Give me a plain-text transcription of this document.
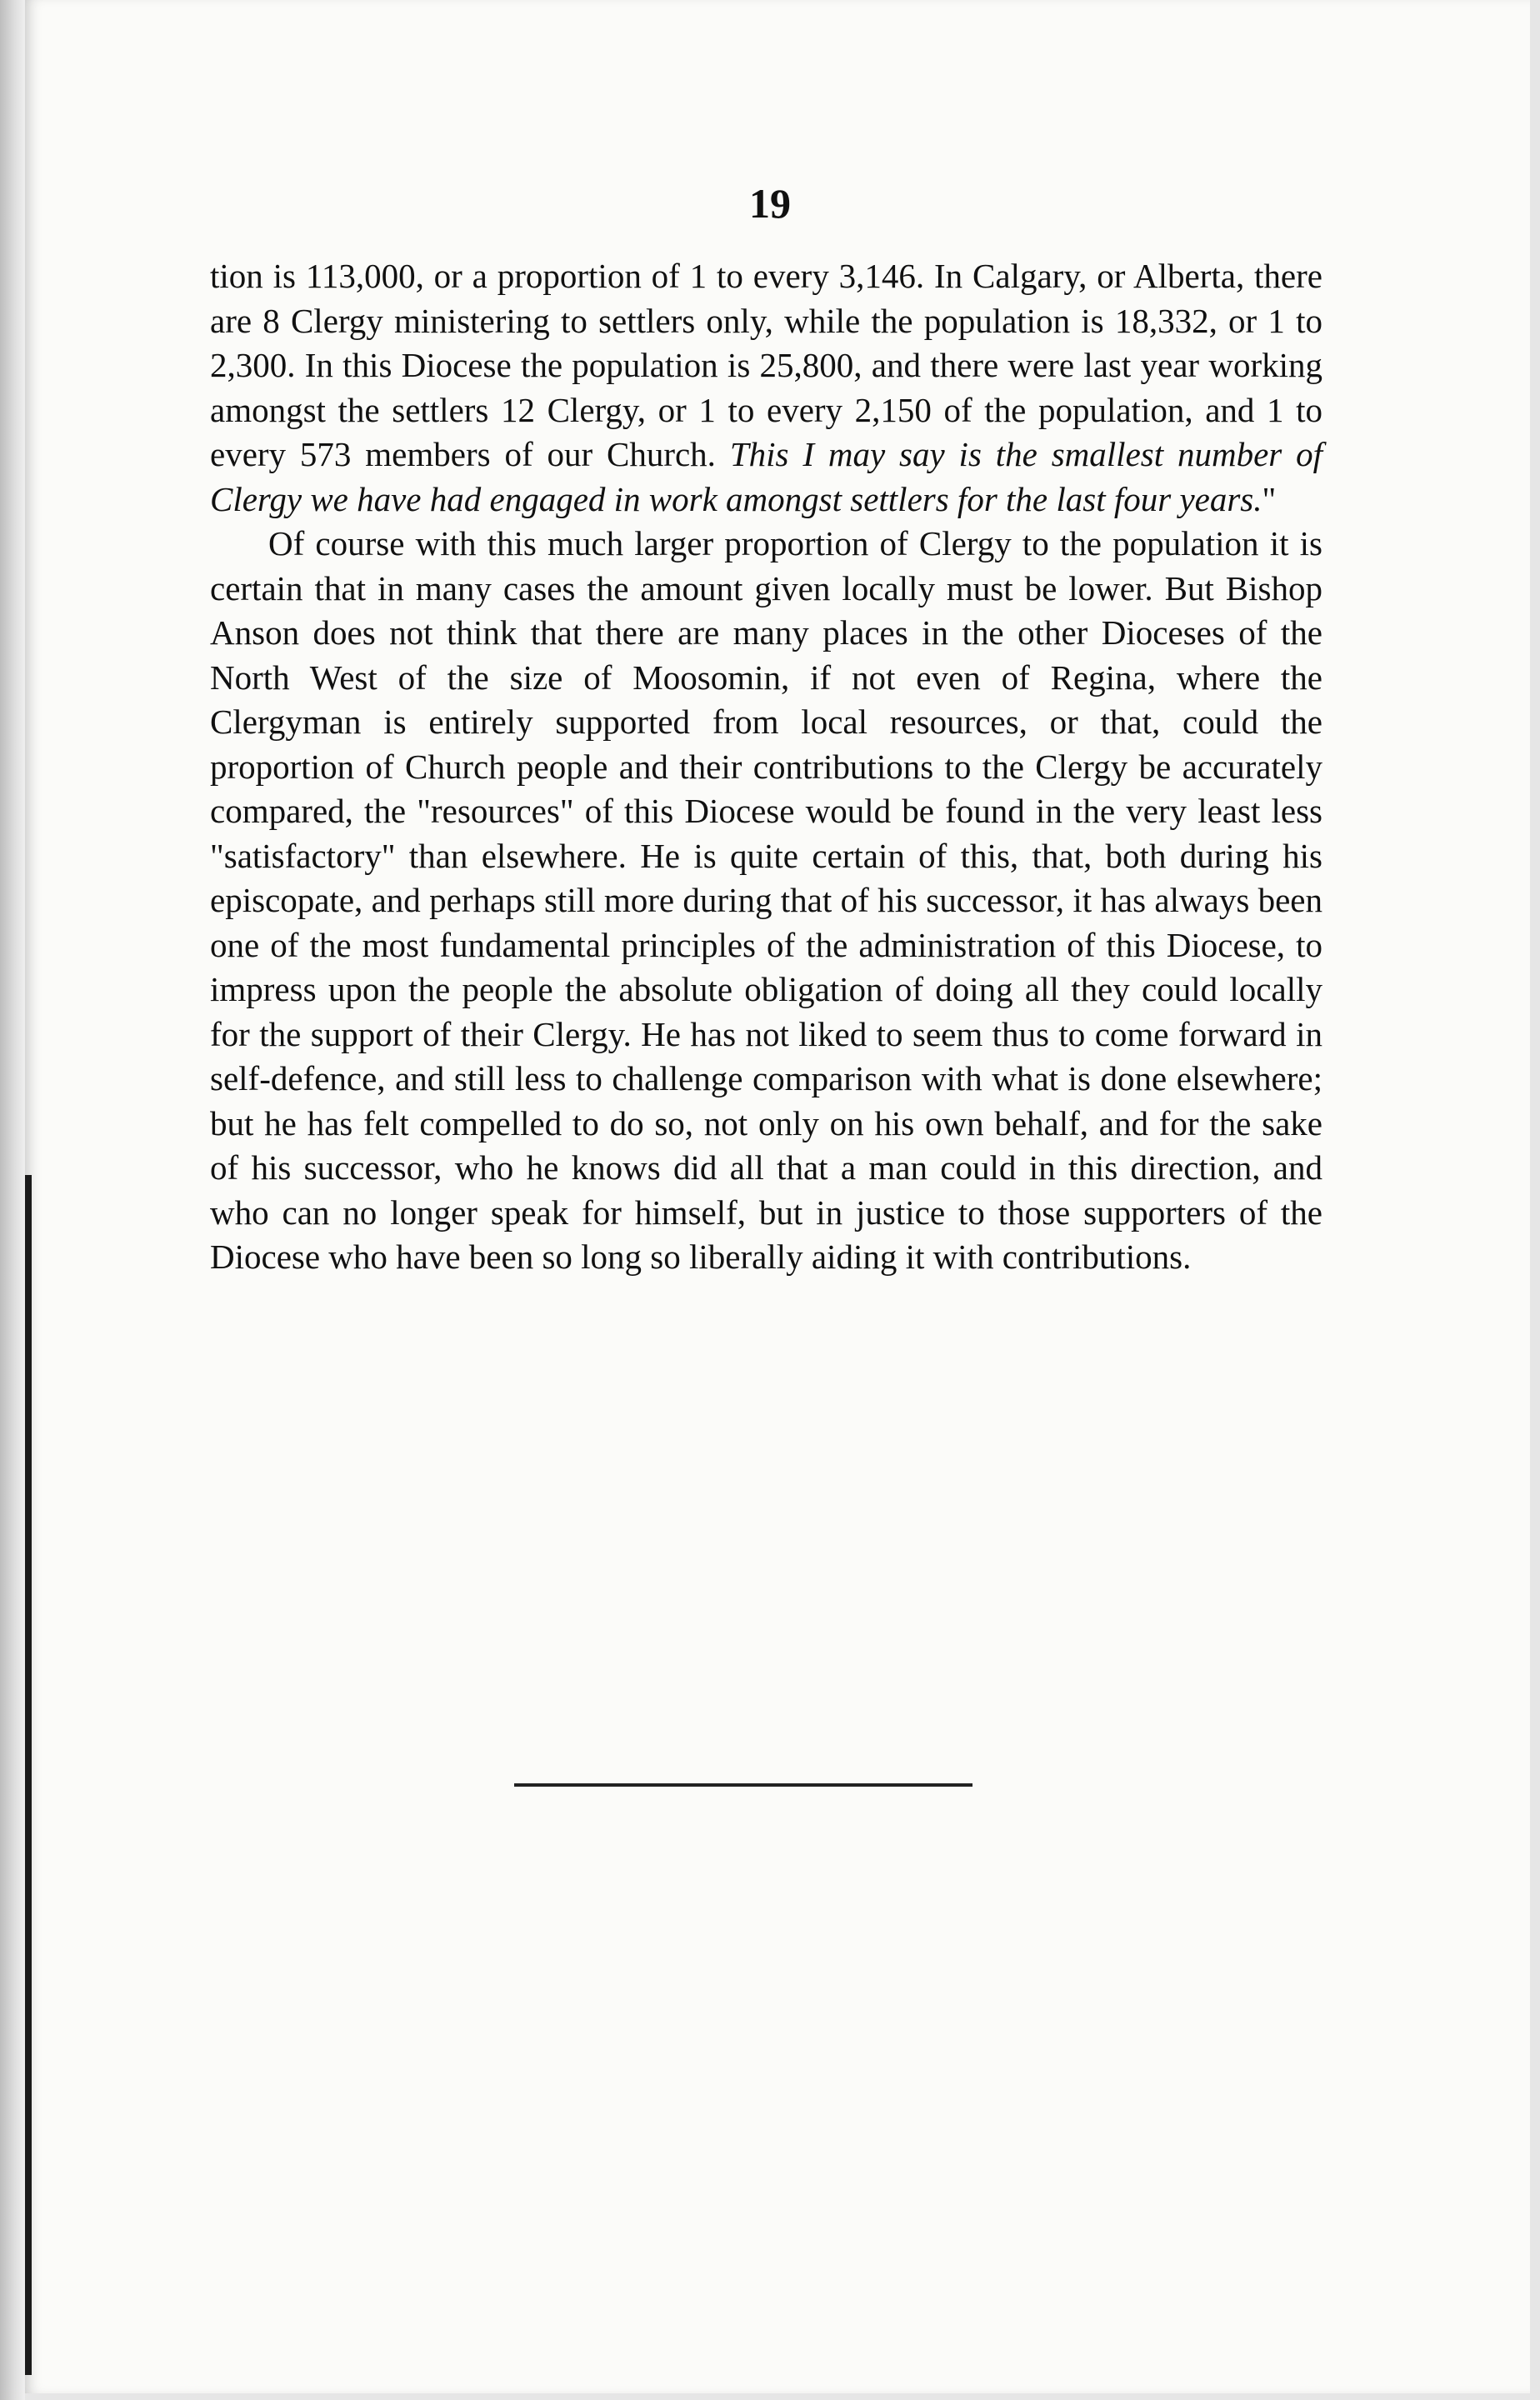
19

tion is 113,000, or a proportion of 1 to every 3,146. In Calgary, or Alberta, there are 8 Clergy ministering to settlers only, while the population is 18,332, or 1 to 2,300. In this Diocese the population is 25,800, and there were last year working amongst the settlers 12 Clergy, or 1 to every 2,150 of the population, and 1 to every 573 members of our Church. This I may say is the smallest number of Clergy we have had engaged in work amongst settlers for the last four years."

Of course with this much larger proportion of Clergy to the population it is certain that in many cases the amount given locally must be lower. But Bishop Anson does not think that there are many places in the other Dioceses of the North West of the size of Moosomin, if not even of Regina, where the Clergyman is entirely supported from local resources, or that, could the proportion of Church people and their contributions to the Clergy be accurately compared, the "resources" of this Diocese would be found in the very least less "satisfactory" than elsewhere. He is quite certain of this, that, both during his episcopate, and perhaps still more during that of his successor, it has always been one of the most fundamental principles of the administration of this Diocese, to impress upon the people the absolute obligation of doing all they could locally for the support of their Clergy. He has not liked to seem thus to come forward in self-defence, and still less to challenge comparison with what is done elsewhere; but he has felt compelled to do so, not only on his own behalf, and for the sake of his successor, who he knows did all that a man could in this direction, and who can no longer speak for himself, but in justice to those supporters of the Diocese who have been so long so liberally aiding it with contributions.
